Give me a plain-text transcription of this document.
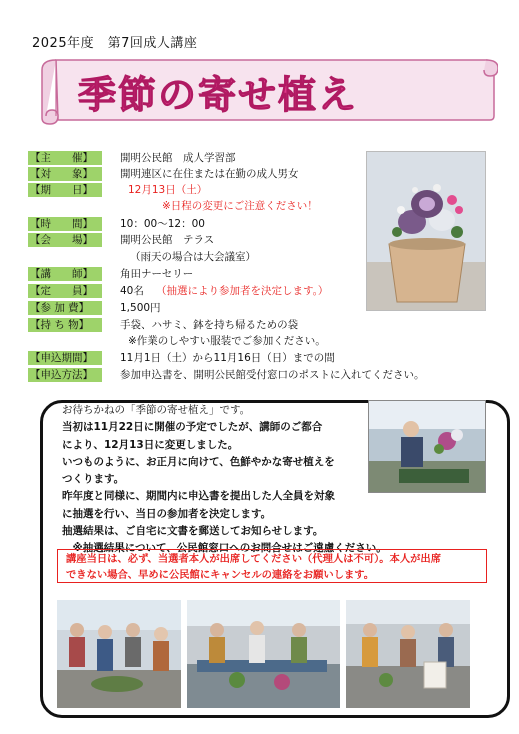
2025年度　第7回成人講座
季節の寄せ植え
【主　　催】	開明公民館　成人学習部
【対　　象】	開明連区に在住または在勤の成人男女
【期　　日】	12月13日（土）
※日程の変更にご注意ください！
【時　　間】	10：00～12：00
【会　　場】	開明公民館　テラス
（雨天の場合は大会議室）
【講　　師】	角田ナーセリー
【定　　員】	40名 （抽選により参加者を決定します。）
【参 加 費】	1,500円
【持 ち 物】	手袋、ハサミ、鉢を持ち帰るための袋
※作業のしやすい服装でご参加ください。
【申込期間】	11月1日（土）から11月16日（日）までの間
【申込方法】	参加申込書を、開明公民館受付窓口のポストに入れてください。

お待ちかねの「季節の寄せ植え」です。

当初は11月22日に開催の予定でしたが、講師のご都合

により、12月13日に変更しました。

いつものように、お正月に向けて、色鮮やかな寄せ植えを

つくります。

昨年度と同様に、期間内に申込書を提出した人全員を対象

に抽選を行い、当日の参加者を決定します。

抽選結果は、ご自宅に文書を郵送してお知らせします。

　※抽選結果について、公民館窓口へのお問合せはご遠慮ください。

講座当日は、必ず、当選者本人が出席してください（代理人は不可）。本人が出席

できない場合、早めに公民館にキャンセルの連絡をお願いします。
